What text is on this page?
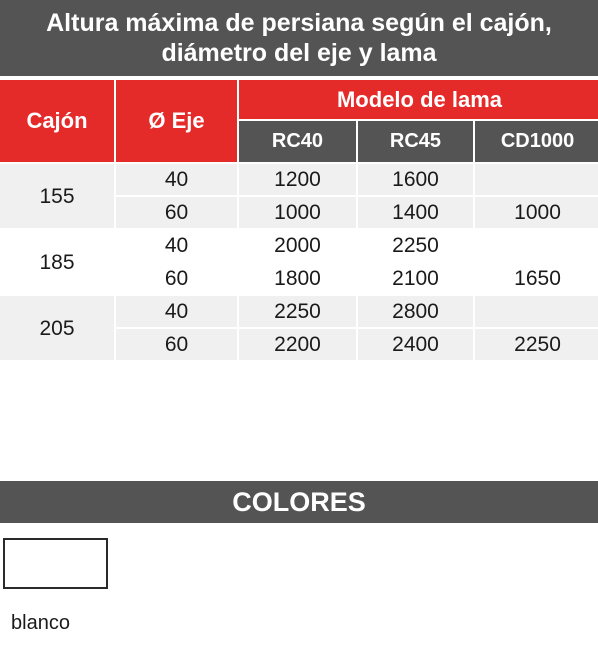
Altura máxima de persiana según el cajón,
diámetro del eje y lama
Cajón	Ø Eje	Modelo de lama		
		RC40	RC45	CD1000
155	40	1200	1600	
	60	1000	1400	1000
185	40	2000	2250	
	60	1800	2100	1650
205	40	2250	2800	
	60	2200	2400	2250
COLORES
blanco
